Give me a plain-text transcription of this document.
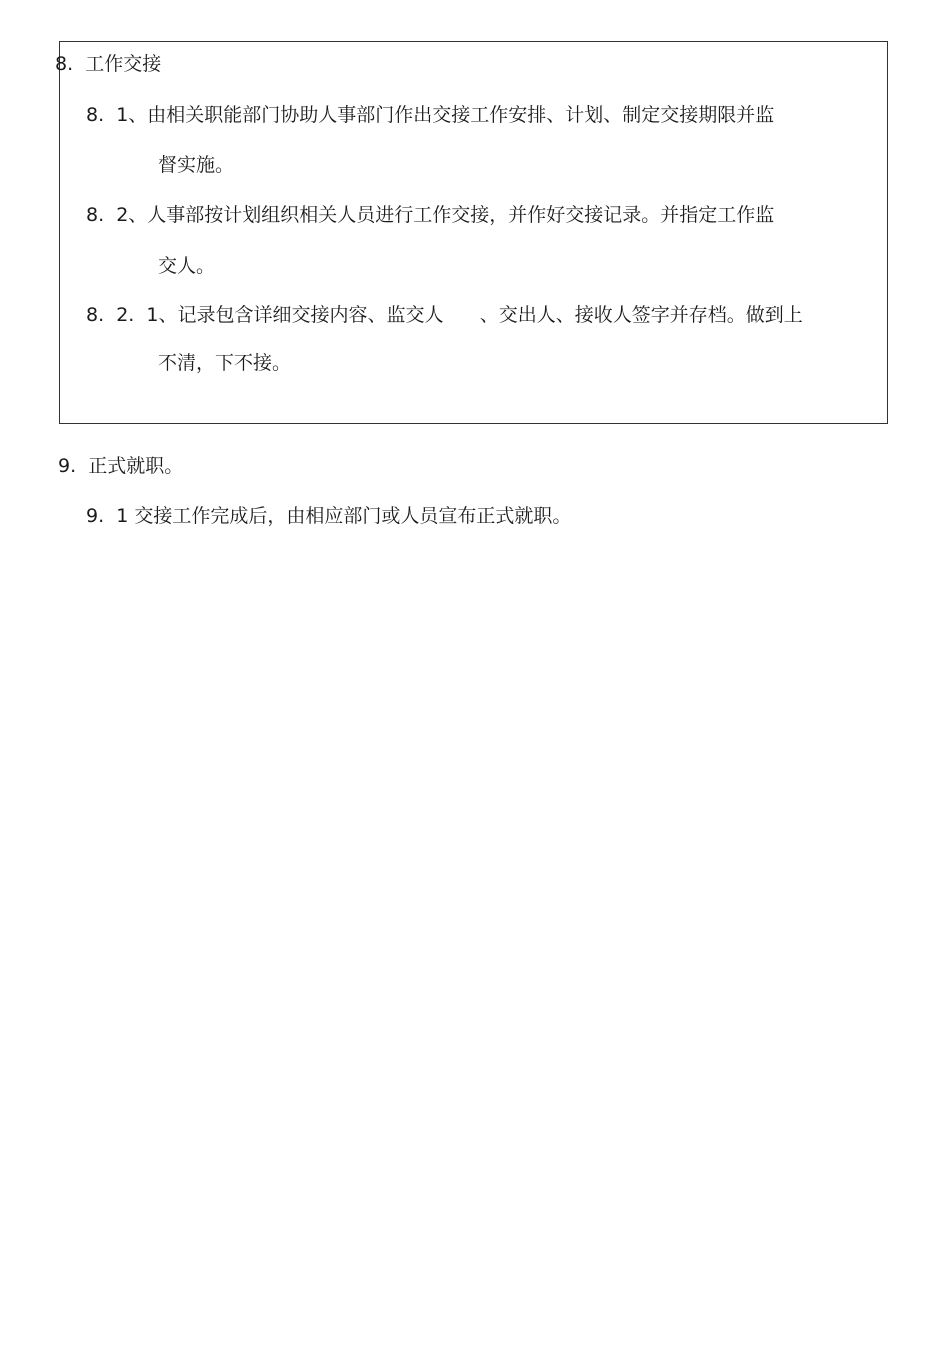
8.  工作交接
8.  1、由相关职能部门协助人事部门作出交接工作安排、计划、制定交接期限并监
督实施。
8.  2、人事部按计划组织相关人员进行工作交接，并作好交接记录。并指定工作监
交人。
8.  2.  1、记录包含详细交接内容、监交人      、交出人、接收人签字并存档。做到上
不清，下不接。
9.  正式就职。
9.  1 交接工作完成后，由相应部门或人员宣布正式就职。
